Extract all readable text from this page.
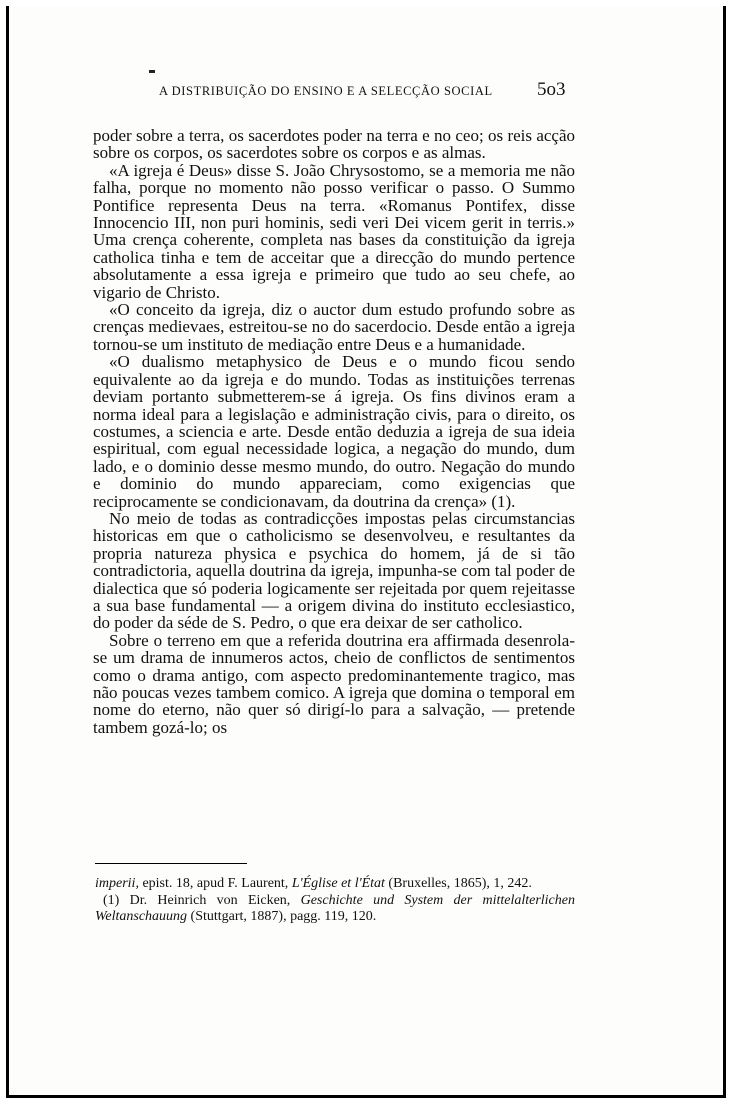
A DISTRIBUIÇÃO DO ENSINO E A SELECÇÃO SOCIAL 5o3

poder sobre a terra, os sacerdotes poder na terra e no ceo; os reis acção sobre os corpos, os sacerdotes sobre os corpos e as almas.

«A igreja é Deus» disse S. João Chrysostomo, se a memoria me não falha, porque no momento não posso verificar o passo. O Summo Pontifice representa Deus na terra. «Romanus Pontifex, disse Innocencio III, non puri hominis, sedi veri Dei vicem gerit in terris.» Uma crença coherente, completa nas bases da constituição da igreja catholica tinha e tem de acceitar que a direcção do mundo pertence absolutamente a essa igreja e primeiro que tudo ao seu chefe, ao vigario de Christo.

«O conceito da igreja, diz o auctor dum estudo profundo sobre as crenças medievaes, estreitou-se no do sacerdocio. Desde então a igreja tornou-se um instituto de mediação entre Deus e a humanidade.

«O dualismo metaphysico de Deus e o mundo ficou sendo equivalente ao da igreja e do mundo. Todas as instituições terrenas deviam portanto submetterem-se á igreja. Os fins divinos eram a norma ideal para a legislação e administração civis, para o direito, os costumes, a sciencia e arte. Desde então deduzia a igreja de sua ideia espiritual, com egual necessidade logica, a negação do mundo, dum lado, e o dominio desse mesmo mundo, do outro. Negação do mundo e dominio do mundo appareciam, como exigencias que reciprocamente se condicionavam, da doutrina da crença» (1).

No meio de todas as contradicções impostas pelas circumstancias historicas em que o catholicismo se desenvolveu, e resultantes da propria natureza physica e psychica do homem, já de si tão contradictoria, aquella doutrina da igreja, impunha-se com tal poder de dialectica que só poderia logicamente ser rejeitada por quem rejeitasse a sua base fundamental — a origem divina do instituto ecclesiastico, do poder da séde de S. Pedro, o que era deixar de ser catholico.

Sobre o terreno em que a referida doutrina era affirmada desenrola-se um drama de innumeros actos, cheio de conflictos de sentimentos como o drama antigo, com aspecto predominantemente tragico, mas não poucas vezes tambem comico. A igreja que domina o temporal em nome do eterno, não quer só dirigí-lo para a salvação, — pretende tambem gozá-lo; os

imperii, epist. 18, apud F. Laurent, L'Église et l'État (Bruxelles, 1865), 1, 242.

(1) Dr. Heinrich von Eicken, Geschichte und System der mittelalterlichen Weltanschauung (Stuttgart, 1887), pagg. 119, 120.
